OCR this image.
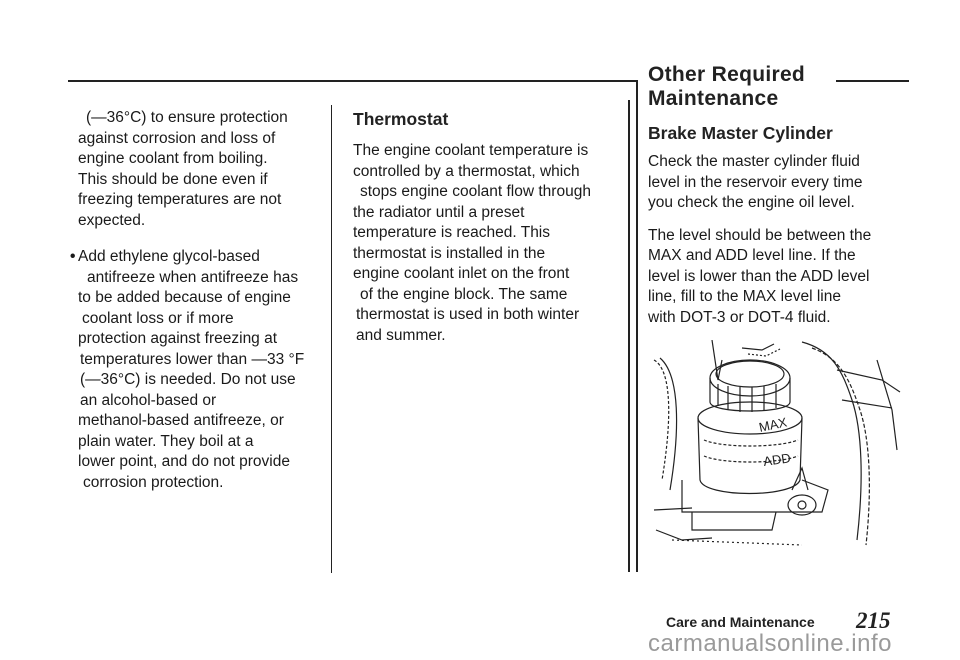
Other Required
Maintenance

(—36°C) to ensure protection
against corrosion and loss of
engine coolant from boiling.
This should be done even if
freezing temperatures are not
expected.

• Add ethylene glycol-based
antifreeze when antifreeze has
to be added because of engine
coolant loss or if more
protection against freezing at
temperatures lower than —33 °F
(—36°C) is needed. Do not use
an alcohol-based or
methanol-based antifreeze, or
plain water. They boil at a
lower point, and do not provide
corrosion protection.
Thermostat

The engine coolant temperature is
controlled by a thermostat, which
stops engine coolant flow through
the radiator until a preset
temperature is reached. This
thermostat is installed in the
engine coolant inlet on the front
of the engine block. The same
thermostat is used in both winter
and summer.

Brake Master Cylinder

Check the master cylinder fluid
level in the reservoir every time
you check the engine oil level.

The level should be between the
MAX and ADD level line. If the
level is lower than the ADD level
line, fill to the MAX level line
with DOT-3 or DOT-4 fluid.

MAX
ADD
Care and Maintenance 215
carmanualsonline.info
